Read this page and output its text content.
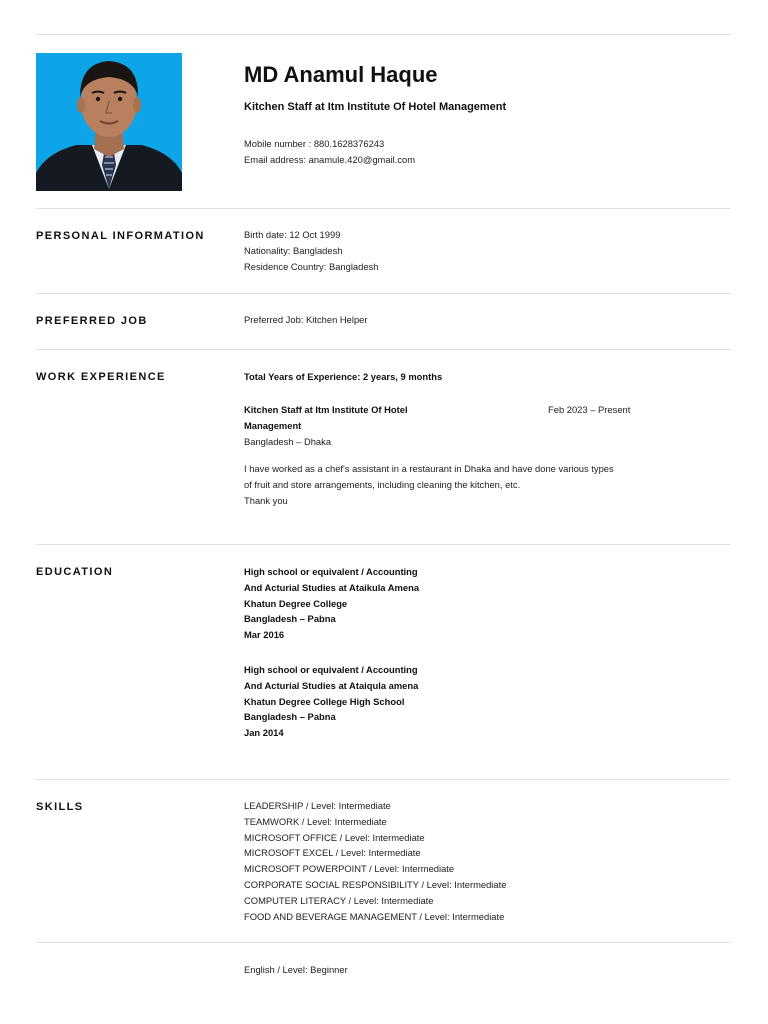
MD Anamul Haque
Kitchen Staff at Itm Institute Of Hotel Management
Mobile number : 880.1628376243
Email address: anamule.420@gmail.com
PERSONAL INFORMATION	Birth date: 12 Oct 1999
Nationality: Bangladesh
Residence Country: Bangladesh
PREFERRED JOB	Preferred Job: Kitchen Helper
WORK EXPERIENCE	Total Years of Experience: 2 years, 9 months
Kitchen Staff at Itm Institute Of Hotel
Management
Bangladesh – Dhaka
Feb 2023 – Present
I have worked as a chef's assistant in a restaurant in Dhaka and have done various types
of fruit and store arrangements, including cleaning the kitchen, etc.
Thank you
EDUCATION	High school or equivalent / Accounting
And Acturial Studies at Ataikula Amena
Khatun Degree College
Bangladesh – Pabna
Mar 2016
High school or equivalent / Accounting
And Acturial Studies at Ataiqula amena
Khatun Degree College High School
Bangladesh – Pabna
Jan 2014
SKILLS	LEADERSHIP / Level: Intermediate
TEAMWORK / Level: Intermediate
MICROSOFT OFFICE / Level: Intermediate
MICROSOFT EXCEL / Level: Intermediate
MICROSOFT POWERPOINT / Level: Intermediate
CORPORATE SOCIAL RESPONSIBILITY / Level: Intermediate
COMPUTER LITERACY / Level: Intermediate
FOOD AND BEVERAGE MANAGEMENT / Level: Intermediate
English / Level: Beginner
